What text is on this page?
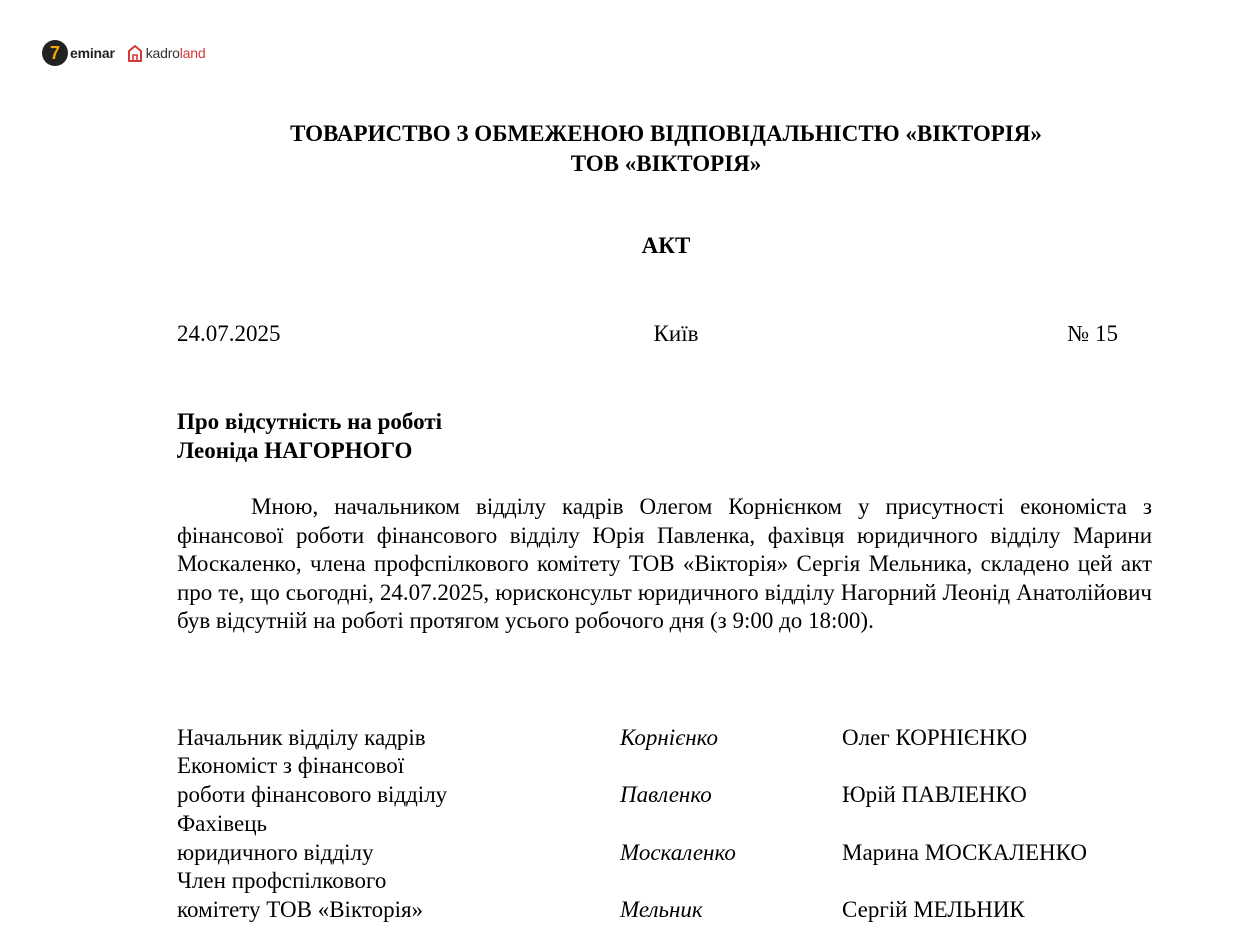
7 eminar kadroland
ТОВАРИСТВО З ОБМЕЖЕНОЮ ВІДПОВІДАЛЬНІСТЮ «ВІКТОРІЯ»
ТОВ «ВІКТОРІЯ»
АКТ
24.07.2025	Київ	№ 15
Про відсутність на роботі
Леоніда НАГОРНОГО
Мною, начальником відділу кадрів Олегом Корнієнком у присутності економіста з фінансової роботи фінансового відділу Юрія Павленка, фахівця юридичного відділу Марини Москаленко, члена профспілкового комітету ТОВ «Вікторія» Сергія Мельника, складено цей акт про те, що сьогодні, 24.07.2025, юрисконсульт юридичного відділу Нагорний Леонід Анатолійович був відсутній на роботі протягом усього робочого дня (з 9:00 до 18:00).
Начальник відділу кадрів	Корнієнко	Олег КОРНІЄНКО
Економіст з фінансової
роботи фінансового відділу	Павленко	Юрій ПАВЛЕНКО
Фахівець
юридичного відділу	Москаленко	Марина МОСКАЛЕНКО
Член профспілкового
комітету ТОВ «Вікторія»	Мельник	Сергій МЕЛЬНИК
